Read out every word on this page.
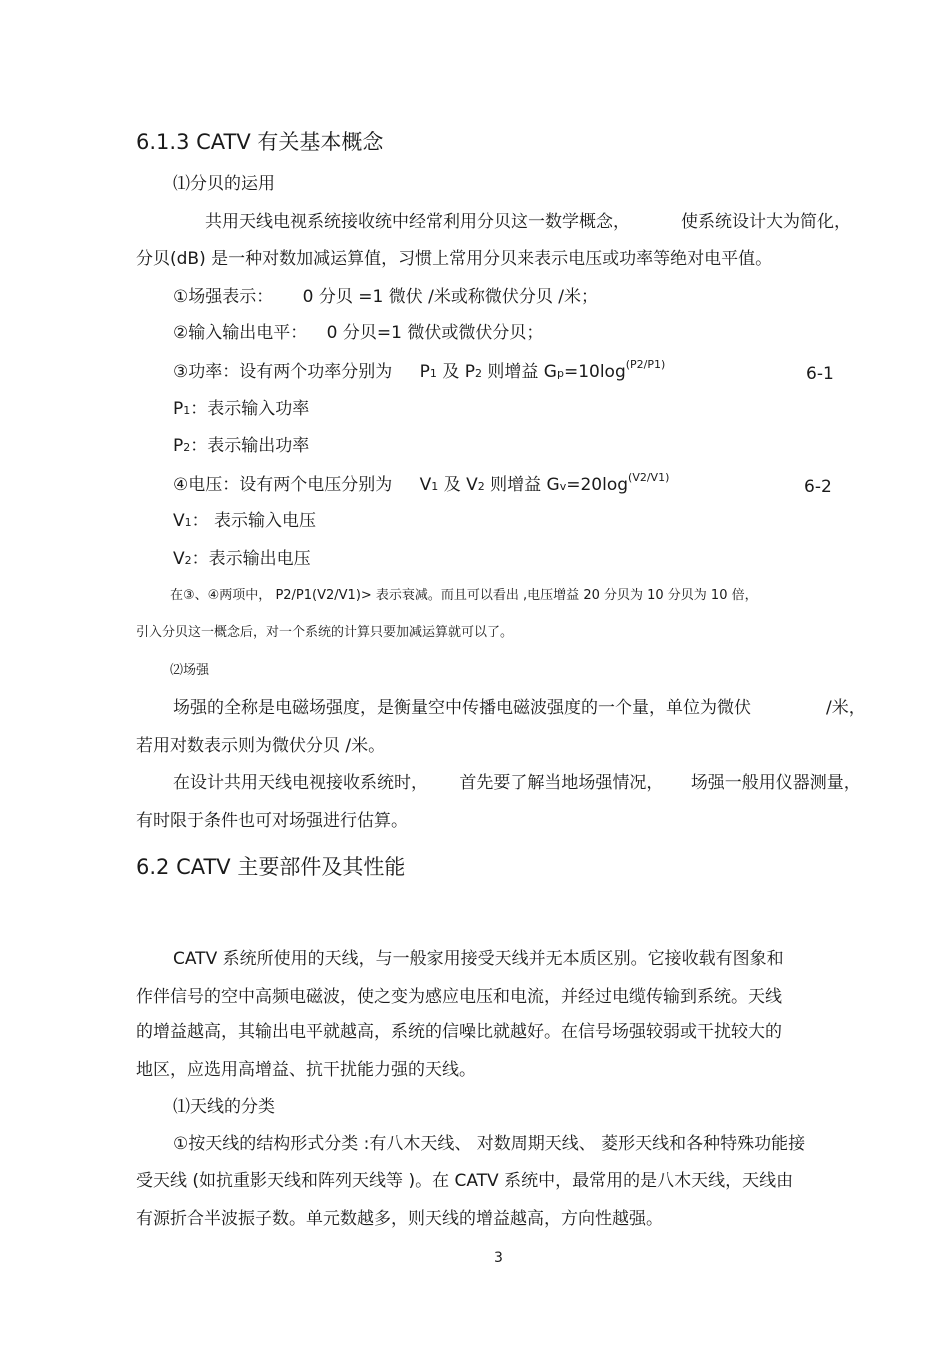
6.1.3 CATV 有关基本概念
⑴分贝的运用
共用天线电视系统接收统中经常利用分贝这一数学概念，	使系统设计大为简化，
分贝(dB) 是一种对数加减运算值，习惯上常用分贝来表示电压或功率等绝对电平值。
①场强表示： 0 分贝 =1 微伏 /米或称微伏分贝 /米；
②输入输出电平： 0 分贝=1 微伏或微伏分贝；
③功率：设有两个功率分别为 P1 及 P2 则增益 $Gp=10\log^{(P2/P1)}$	6-1
P1：表示输入功率
P2：表示输出功率
④电压：设有两个电压分别为 V1 及 V2 则增益 $Gv=20\log^{(V2/V1)}$	6-2
V1： 表示输入电压
V2：表示输出电压
在③、④两项中， P2/P1(V2/V1)> 表示衰减。而且可以看出 ,电压增益 20 分贝为 10 分贝为 10 倍，
引入分贝这一概念后，对一个系统的计算只要加减运算就可以了。
⑵场强
场强的全称是电磁场强度，是衡量空中传播电磁波强度的一个量，单位为微伏	/米，
若用对数表示则为微伏分贝 /米。
在设计共用天线电视接收系统时， 首先要了解当地场强情况， 场强一般用仪器测量，
有时限于条件也可对场强进行估算。
6.2 CATV 主要部件及其性能
CATV 系统所使用的天线，与一般家用接受天线并无本质区别。它接收载有图象和
作伴信号的空中高频电磁波，使之变为感应电压和电流，并经过电缆传输到系统。天线
的增益越高，其输出电平就越高，系统的信噪比就越好。在信号场强较弱或干扰较大的
地区，应选用高增益、抗干扰能力强的天线。
⑴天线的分类
①按天线的结构形式分类 :有八木天线、 对数周期天线、 菱形天线和各种特殊功能接
受天线 (如抗重影天线和阵列天线等 )。在 CATV 系统中，最常用的是八木天线，天线由
有源折合半波振子数。单元数越多，则天线的增益越高，方向性越强。
3
